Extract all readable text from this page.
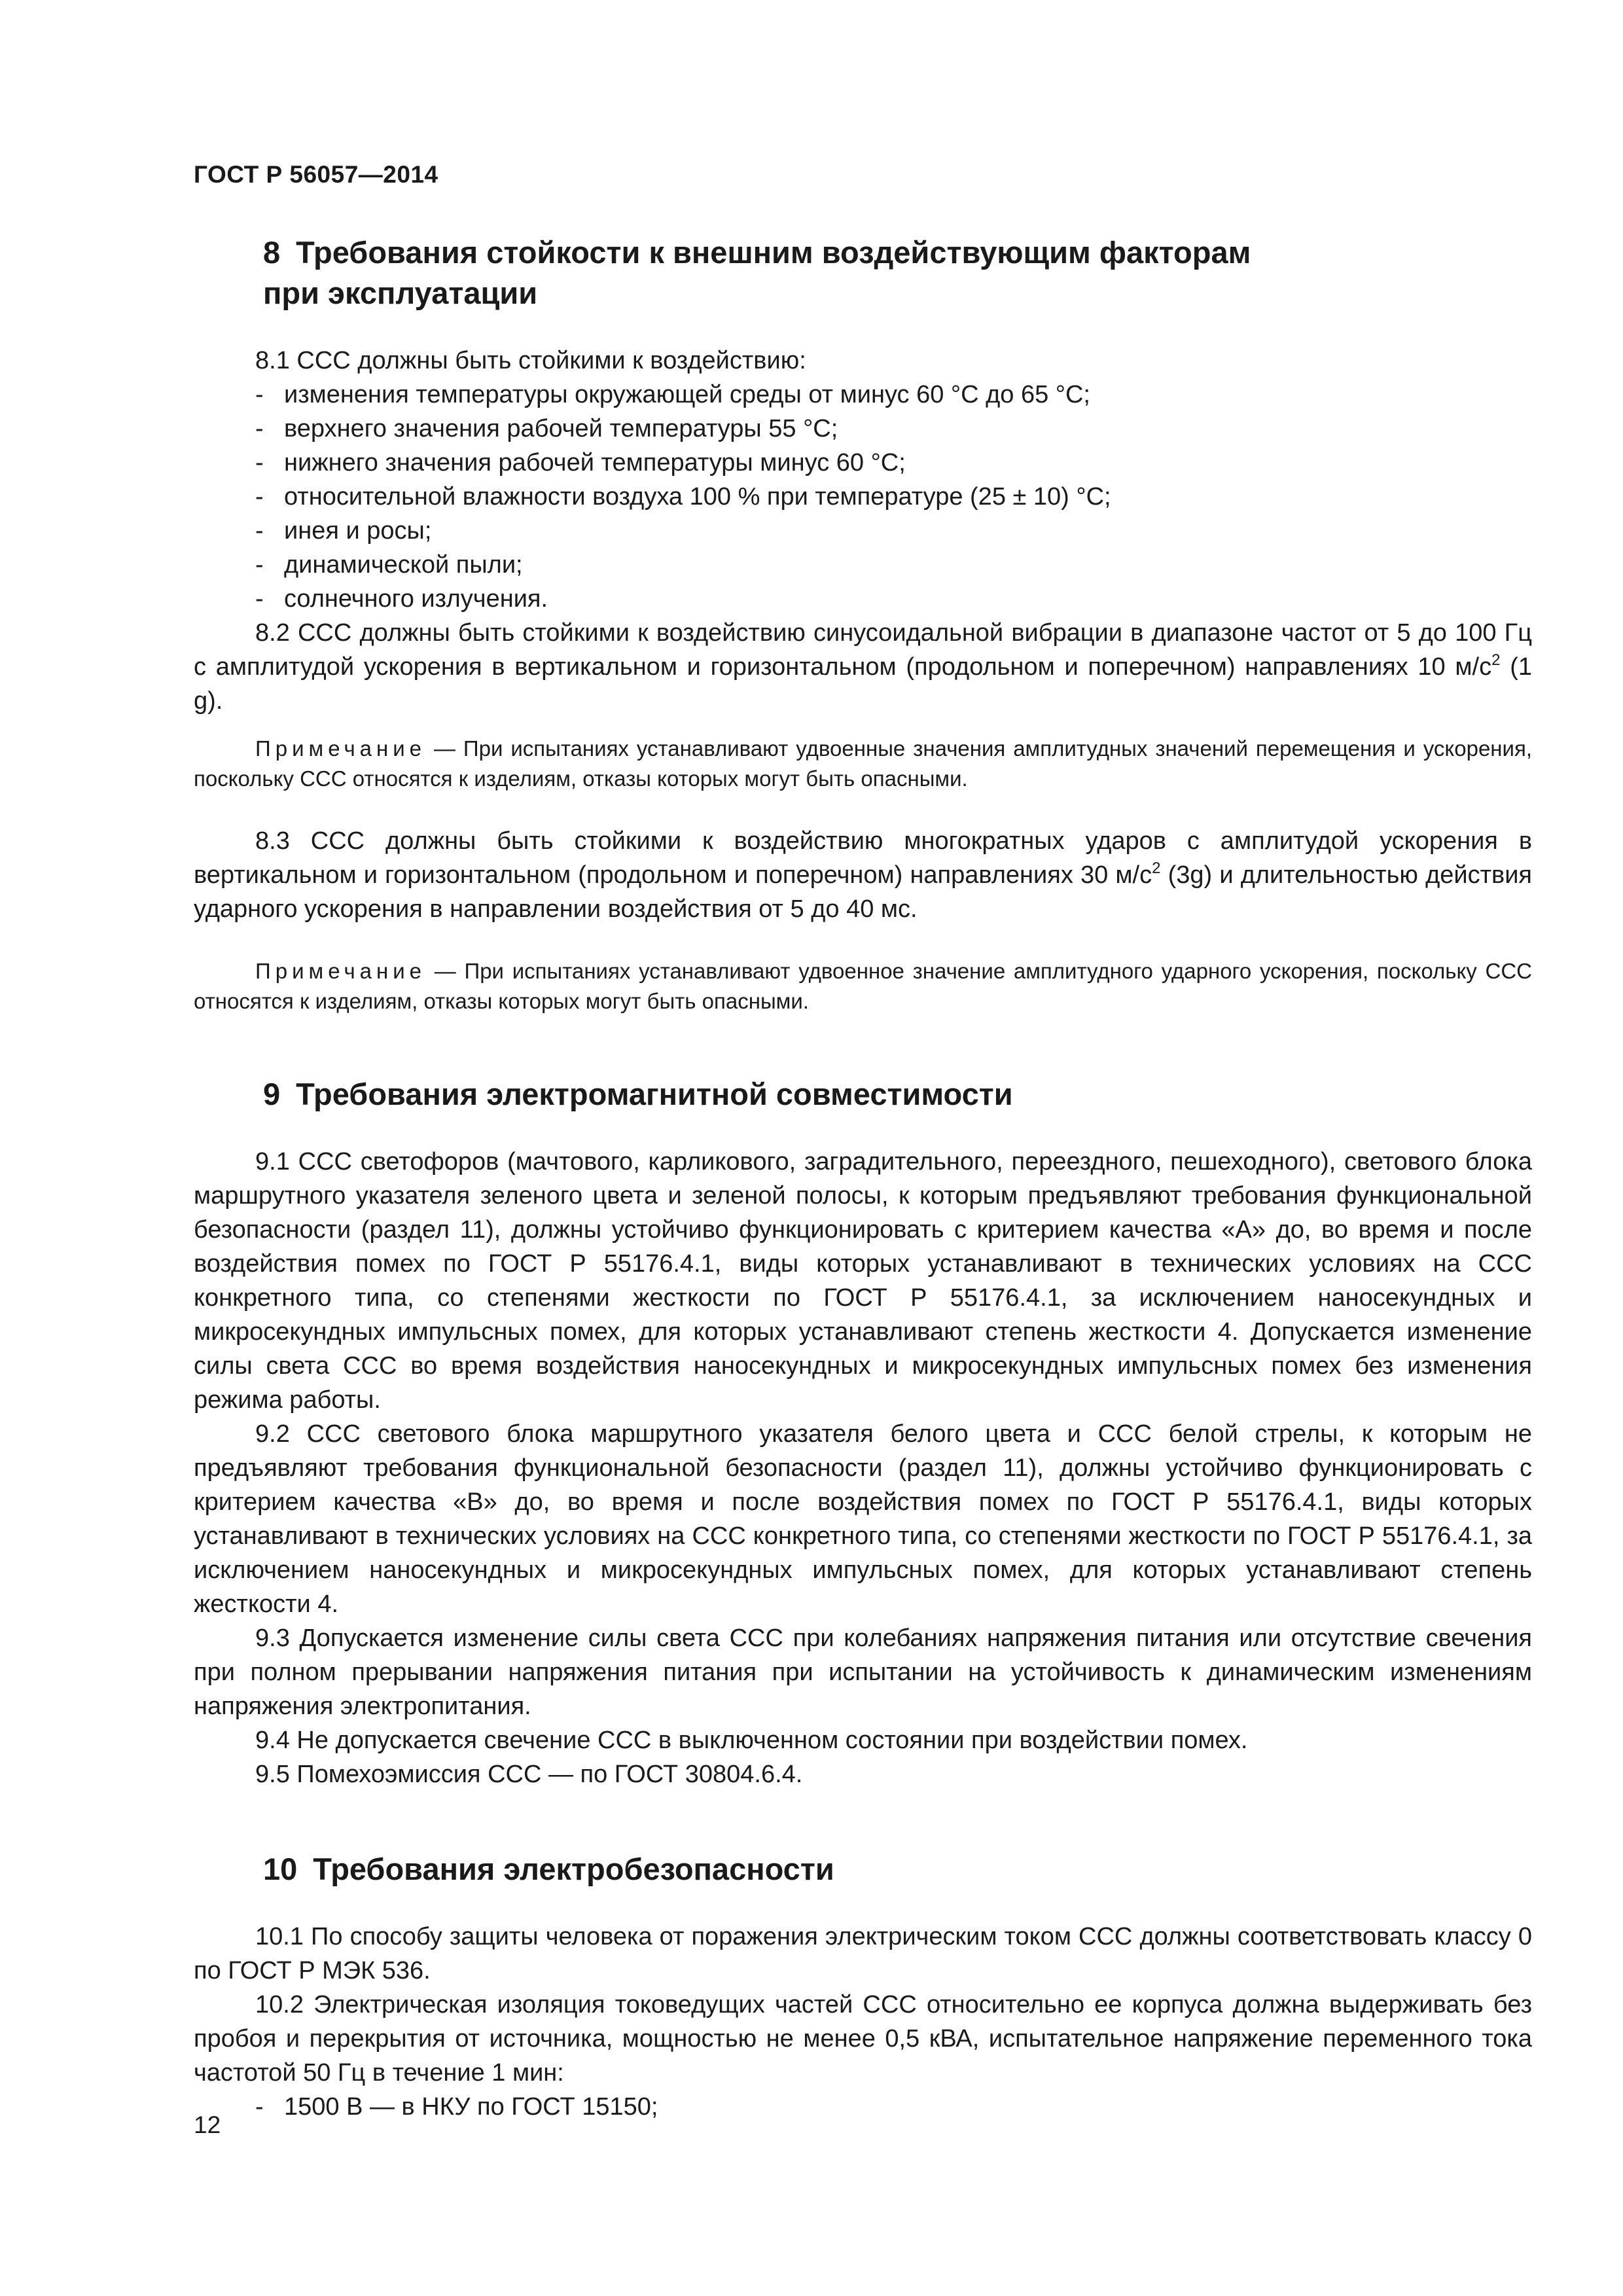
ГОСТ Р 56057—2014
8 Требования стойкости к внешним воздействующим факторам
при эксплуатации

8.1 ССС должны быть стойкими к воздействию:

- изменения температуры окружающей среды от минус 60 °С до 65 °С;
- верхнего значения рабочей температуры 55 °С;
- нижнего значения рабочей температуры минус 60 °С;
- относительной влажности воздуха 100 % при температуре (25 ± 10) °С;
- инея и росы;
- динамической пыли;
- солнечного излучения.

8.2 ССС должны быть стойкими к воздействию синусоидальной вибрации в диапазоне частот от 5 до 100 Гц с амплитудой ускорения в вертикальном и горизонтальном (продольном и поперечном) направлениях 10 $м/с^2$ (1 g).

Примечание — При испытаниях устанавливают удвоенные значения амплитудных значений перемещения и ускорения, поскольку ССС относятся к изделиям, отказы которых могут быть опасными.

8.3 ССС должны быть стойкими к воздействию многократных ударов с амплитудой ускорения в вертикальном и горизонтальном (продольном и поперечном) направлениях 30 $м/с^2$ (3g) и длительностью действия ударного ускорения в направлении воздействия от 5 до 40 мс.

Примечание — При испытаниях устанавливают удвоенное значение амплитудного ударного ускорения, поскольку ССС относятся к изделиям, отказы которых могут быть опасными.

9 Требования электромагнитной совместимости

9.1 ССС светофоров (мачтового, карликового, заградительного, переездного, пешеходного), светового блока маршрутного указателя зеленого цвета и зеленой полосы, к которым предъявляют требования функциональной безопасности (раздел 11), должны устойчиво функционировать с критерием качества «А» до, во время и после воздействия помех по ГОСТ Р 55176.4.1, виды которых устанавливают в технических условиях на ССС конкретного типа, со степенями жесткости по ГОСТ Р 55176.4.1, за исключением наносекундных и микросекундных импульсных помех, для которых устанавливают степень жесткости 4. Допускается изменение силы света ССС во время воздействия наносекундных и микросекундных импульсных помех без изменения режима работы.

9.2 ССС светового блока маршрутного указателя белого цвета и ССС белой стрелы, к которым не предъявляют требования функциональной безопасности (раздел 11), должны устойчиво функционировать с критерием качества «В» до, во время и после воздействия помех по ГОСТ Р 55176.4.1, виды которых устанавливают в технических условиях на ССС конкретного типа, со степенями жесткости по ГОСТ Р 55176.4.1, за исключением наносекундных и микросекундных импульсных помех, для которых устанавливают степень жесткости 4.

9.3 Допускается изменение силы света ССС при колебаниях напряжения питания или отсутствие свечения при полном прерывании напряжения питания при испытании на устойчивость к динамическим изменениям напряжения электропитания.

9.4 Не допускается свечение ССС в выключенном состоянии при воздействии помех.

9.5 Помехоэмиссия ССС — по ГОСТ 30804.6.4.

10 Требования электробезопасности

10.1 По способу защиты человека от поражения электрическим током ССС должны соответствовать классу 0 по ГОСТ Р МЭК 536.

10.2 Электрическая изоляция токоведущих частей ССС относительно ее корпуса должна выдерживать без пробоя и перекрытия от источника, мощностью не менее 0,5 кВА, испытательное напряжение переменного тока частотой 50 Гц в течение 1 мин:

- 1500 В — в НКУ по ГОСТ 15150;
12
